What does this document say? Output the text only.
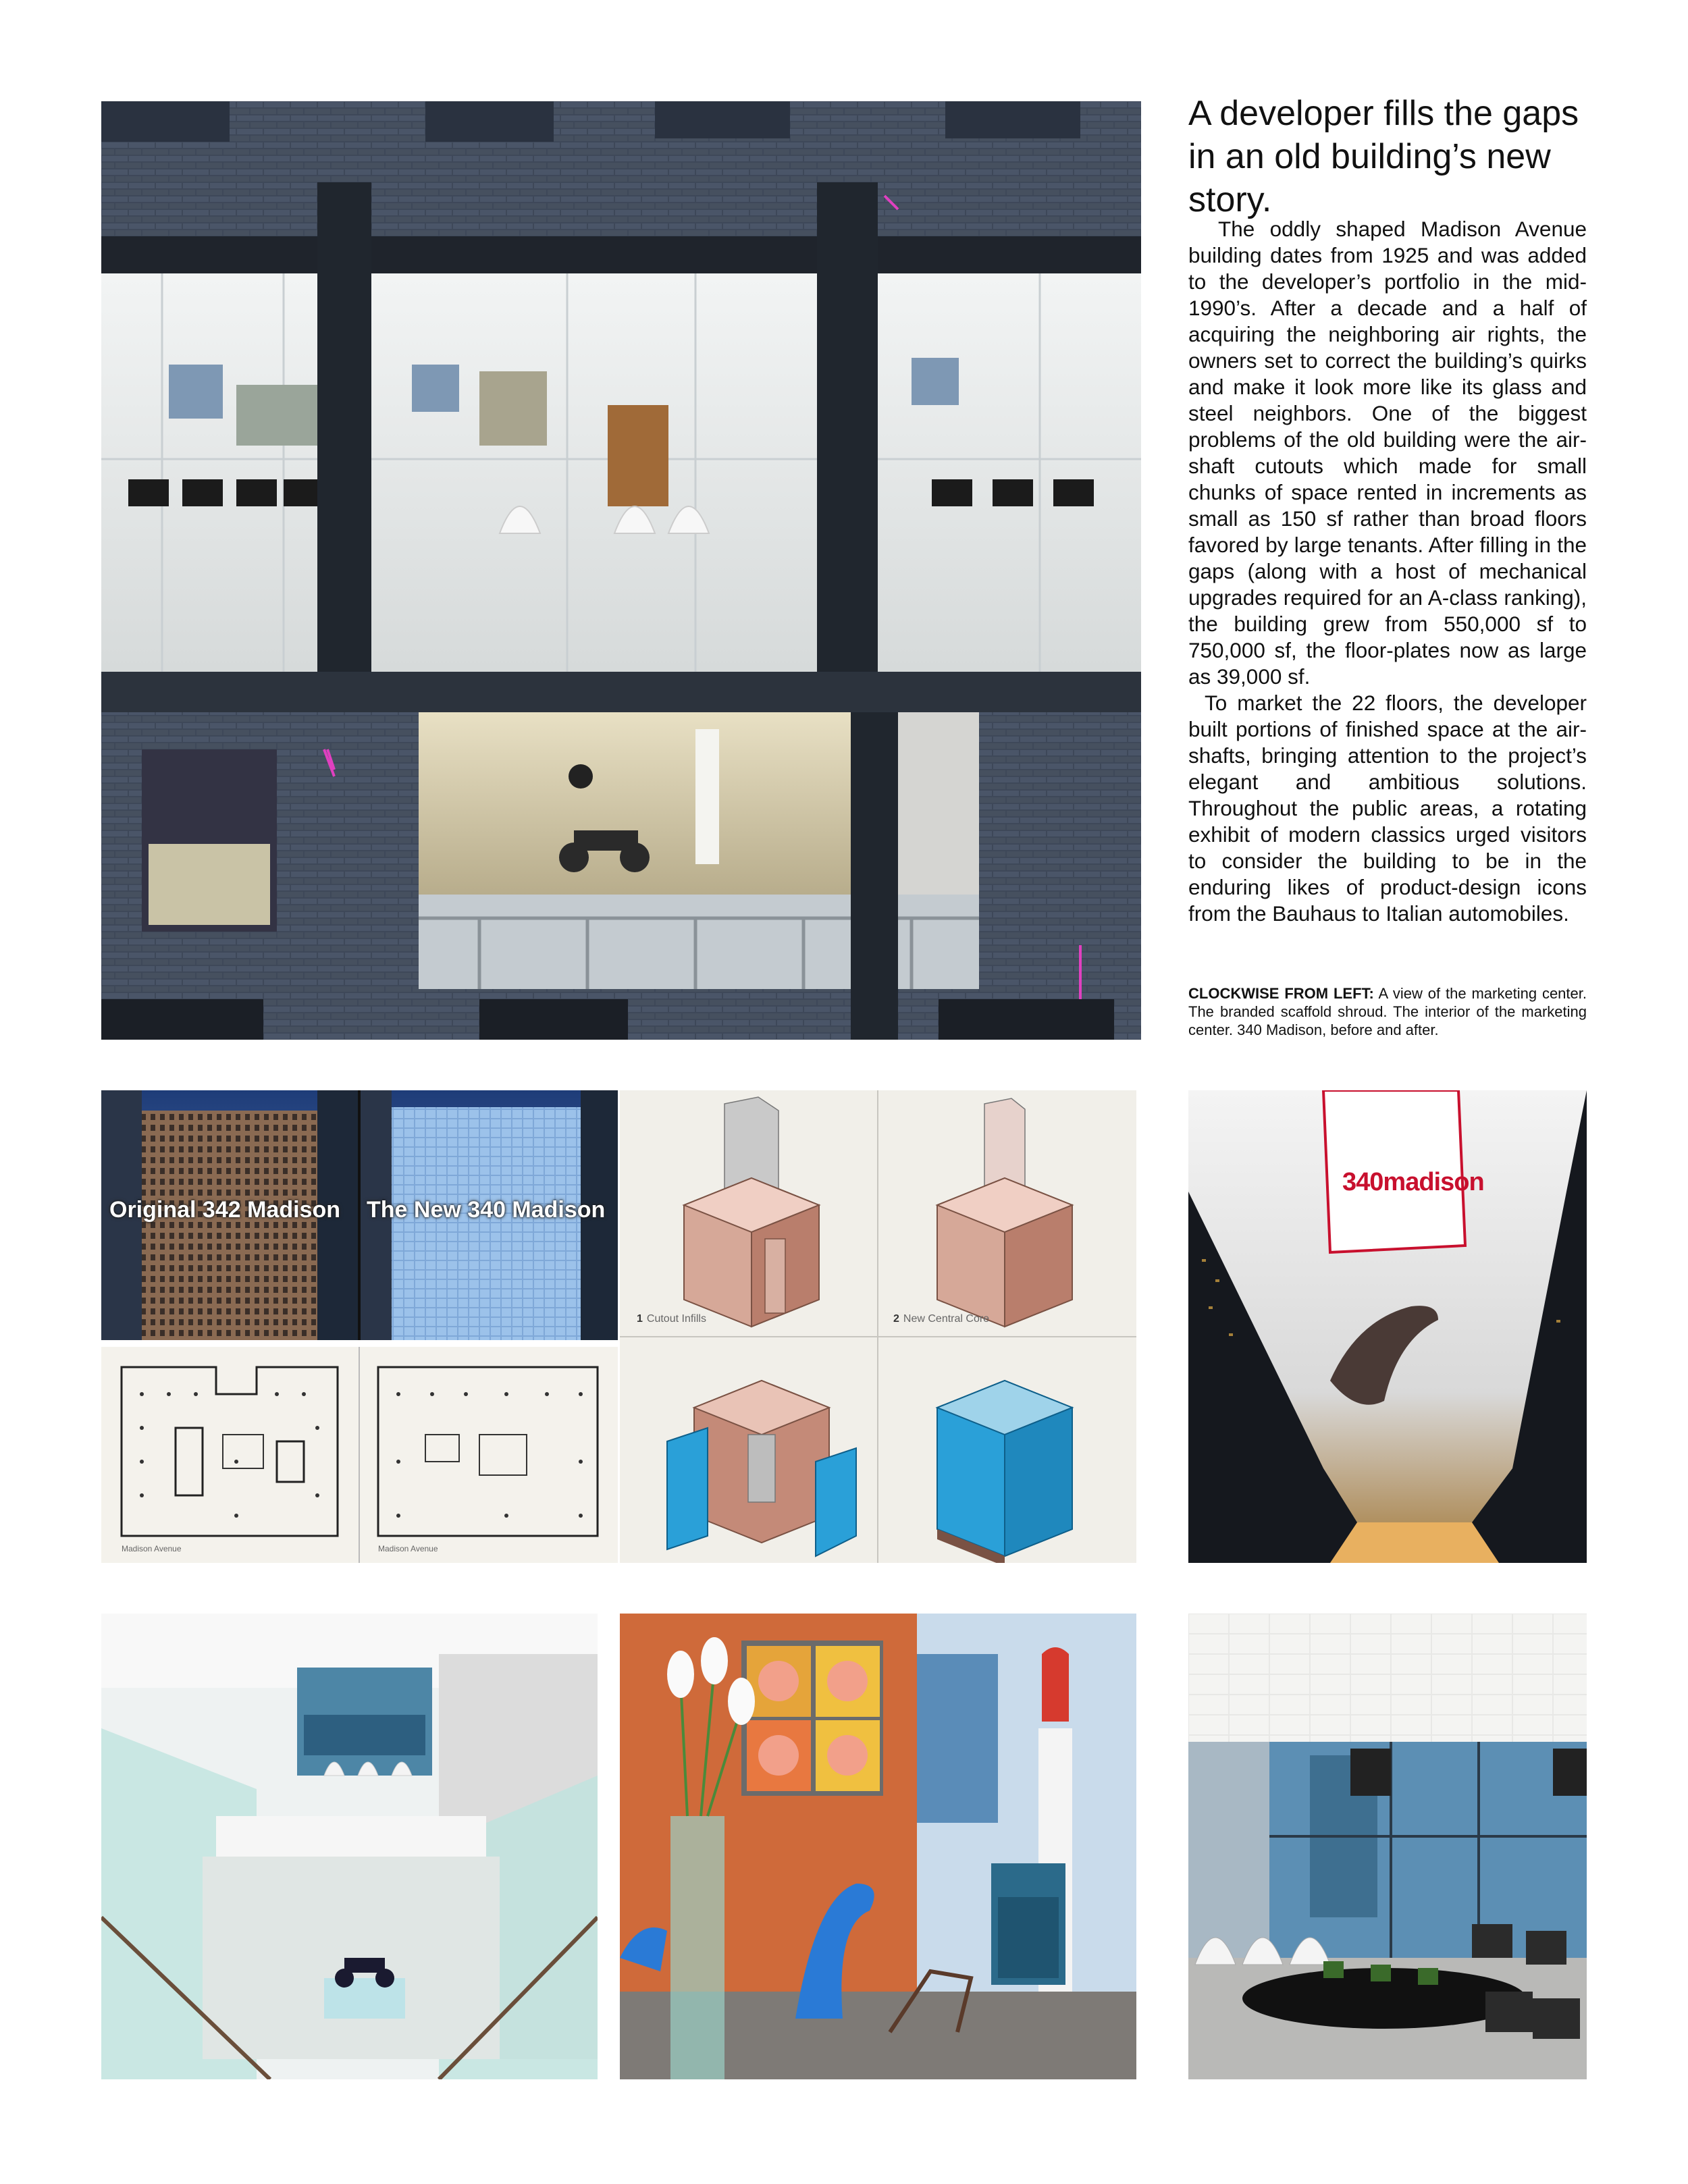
A developer fills the gaps in an old building’s new story.

The oddly shaped Madison Avenue building dates from 1925 and was added to the developer’s portfolio in the mid-1990’s. After a decade and a half of acquiring the neighboring air rights, the owners set to correct the building’s quirks and make it look more like its glass and steel neighbors. One of the biggest problems of the old building were the air-shaft cutouts which made for small chunks of space rented in increments as small as 150 sf rather than broad floors favored by large tenants. After filling in the gaps (along with a host of mechanical upgrades required for an A-class ranking), the building grew from 550,000 sf to 750,000 sf, the floor-plates now as large as 39,000 sf.

To market the 22 floors, the developer built portions of finished space at the air-shafts, bringing attention to the project’s elegant and ambitious solutions. Throughout the public areas, a rotating exhibit of modern classics urged visitors to consider the building to be in the enduring likes of product-design icons from the Bauhaus to Italian automobiles.

CLOCKWISE FROM LEFT: A view of the marketing center. The branded scaffold shroud. The interior of the marketing center. 340 Madison, before and after.
Original 342 Madison The New 340 Madison
Madison Avenue	Madison Avenue
1 Cutout Infills	2 New Central Core
340madison
